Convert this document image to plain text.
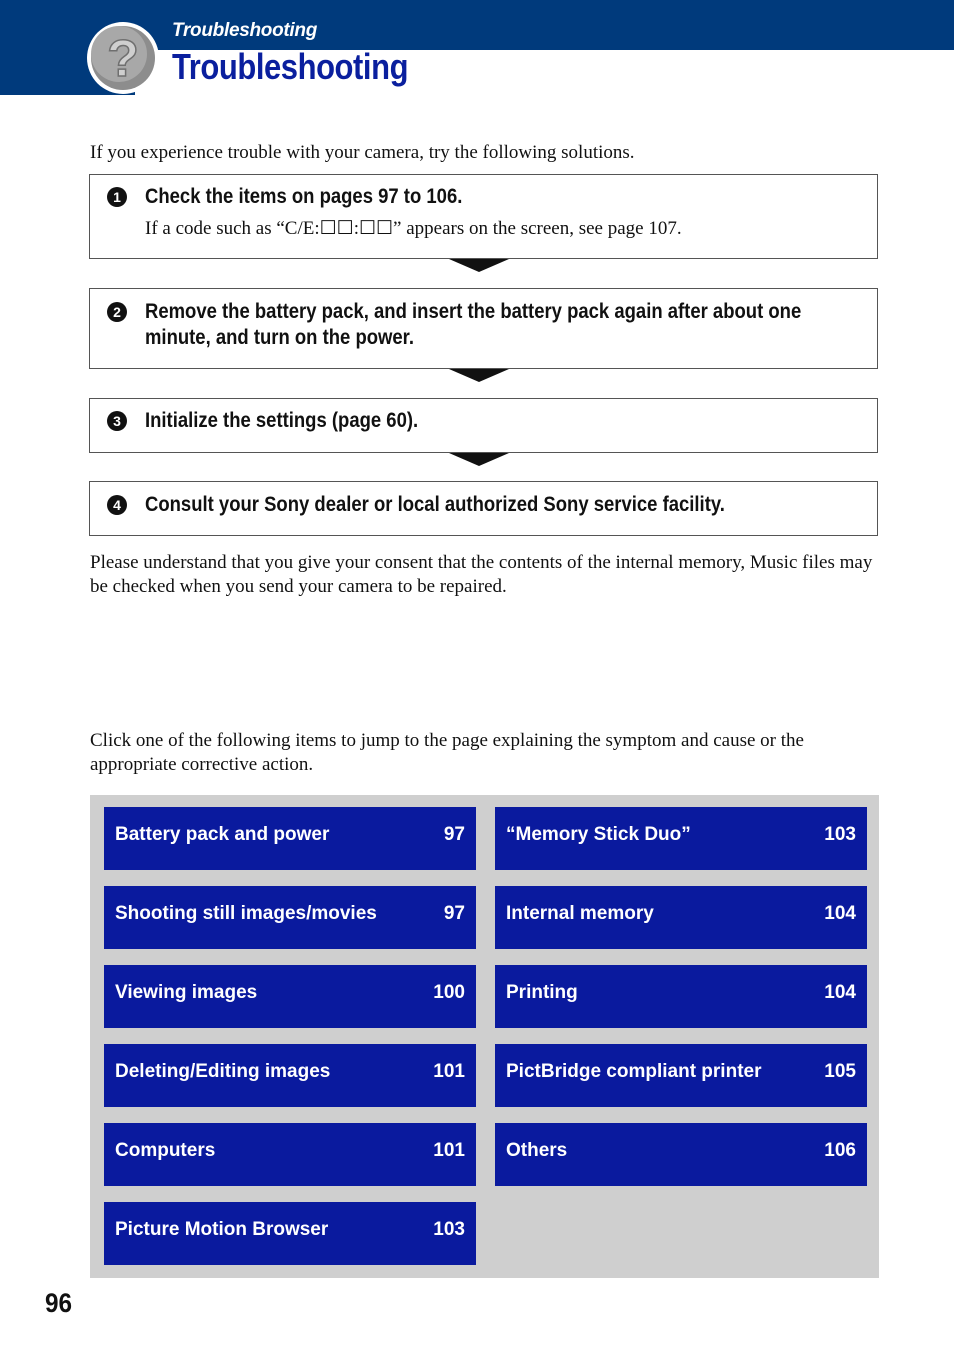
? Troubleshooting
Troubleshooting
If you experience trouble with your camera, try the following solutions.
1 Check the items on pages 97 to 106.
If a code such as “C/E:☐☐:☐☐” appears on the screen, see page 107.
2 Remove the battery pack, and insert the battery pack again after about one
minute, and turn on the power.
3 Initialize the settings (page 60).
4 Consult your Sony dealer or local authorized Sony service facility.
Please understand that you give your consent that the contents of the internal memory, Music files may be checked when you send your camera to be repaired.
Click one of the following items to jump to the page explaining the symptom and cause or the appropriate corrective action.
Battery pack and power	97
Shooting still images/movies	97
Viewing images	100
Deleting/Editing images	101
Computers	101
Picture Motion Browser	103
“Memory Stick Duo”	103
Internal memory	104
Printing	104
PictBridge compliant printer	105
Others	106
96
